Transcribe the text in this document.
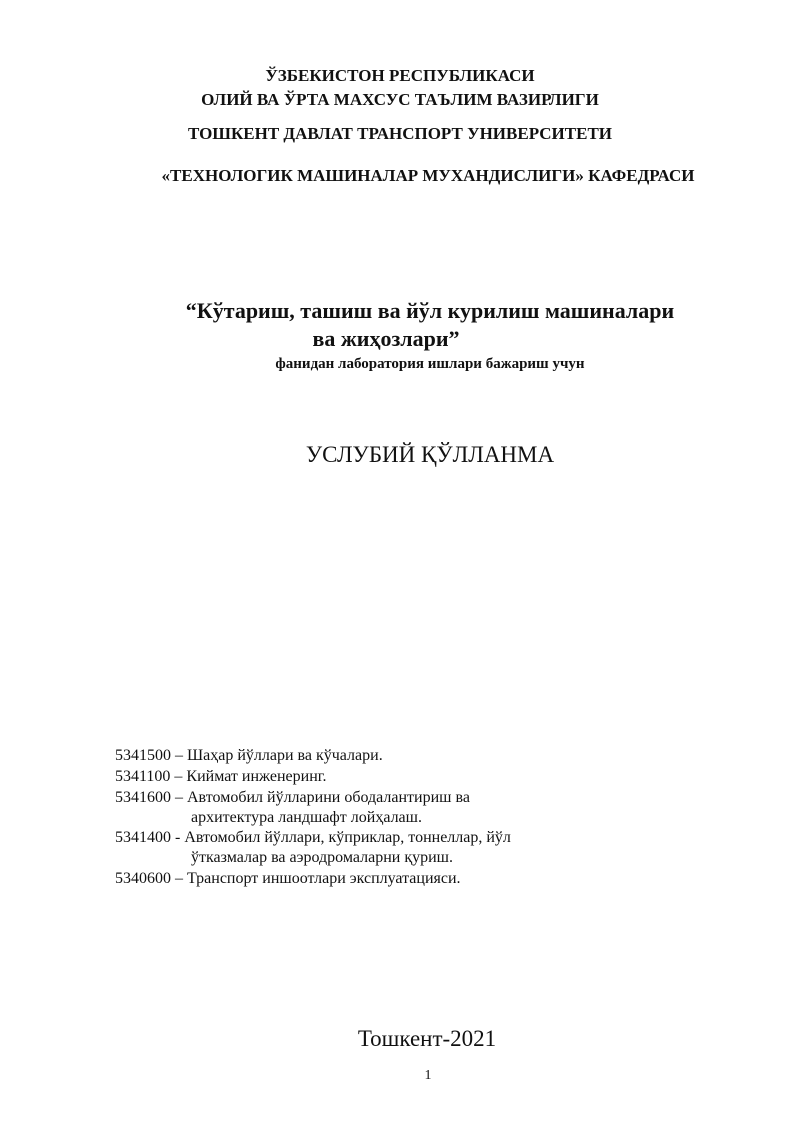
ЎЗБЕКИСТОН РЕСПУБЛИКАСИ
ОЛИЙ ВА ЎРТА МАХСУС ТАЪЛИМ ВАЗИРЛИГИ
ТОШКЕНТ ДАВЛАТ ТРАНСПОРТ УНИВЕРСИТЕТИ
«ТЕХНОЛОГИК МАШИНАЛАР МУХАНДИСЛИГИ» КАФЕДРАСИ
“Кўтариш, ташиш ва йўл курилиш машиналари
ва жиҳозлари”
фанидан лаборатория ишлари бажариш учун
УСЛУБИЙ ҚЎЛЛАНМА
5341500 – Шаҳар йўллари ва кўчалари.
5341100 – Киймат инженеринг.
5341600 – Автомобил йўлларини ободалантириш ва
архитектура ландшафт лойҳалаш.
5341400 - Автомобил йўллари, кўприклар, тоннеллар, йўл
ўтказмалар ва аэродромаларни қуриш.
5340600 – Транспорт иншоотлари эксплуатацияси.
Тошкент-2021
1
